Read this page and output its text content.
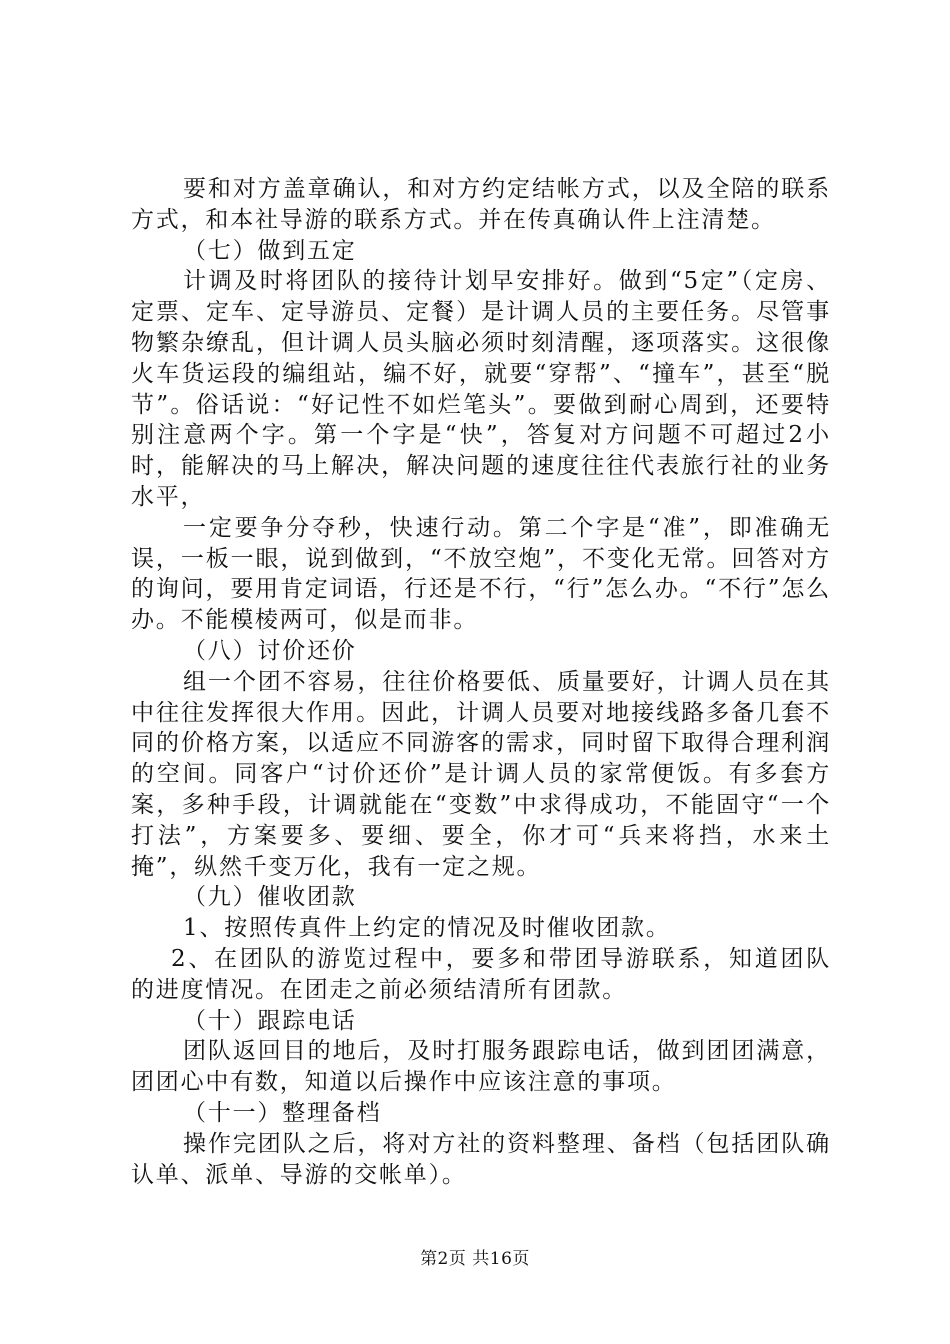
要和对方盖章确认，和对方约定结帐方式，以及全陪的联系方式，和本社导游的联系方式。并在传真确认件上注清楚。

（七）做到五定

计调及时将团队的接待计划早安排好。做到“5定”（定房、定票、定车、定导游员、定餐）是计调人员的主要任务。尽管事物繁杂缭乱，但计调人员头脑必须时刻清醒，逐项落实。这很像火车货运段的编组站，编不好，就要“穿帮”、“撞车”，甚至“脱节”。俗话说：“好记性不如烂笔头”。要做到耐心周到，还要特别注意两个字。第一个字是“快”，答复对方问题不可超过2小时，能解决的马上解决，解决问题的速度往往代表旅行社的业务水平，

一定要争分夺秒，快速行动。第二个字是“准”，即准确无误，一板一眼，说到做到，“不放空炮”，不变化无常。回答对方的询问，要用肯定词语，行还是不行，“行”怎么办。“不行”怎么办。不能模棱两可，似是而非。

（八）讨价还价

组一个团不容易，往往价格要低、质量要好，计调人员在其中往往发挥很大作用。因此，计调人员要对地接线路多备几套不同的价格方案，以适应不同游客的需求，同时留下取得合理利润的空间。同客户“讨价还价”是计调人员的家常便饭。有多套方案，多种手段，计调就能在“变数”中求得成功，不能固守“一个打法”，方案要多、要细、要全，你才可“兵来将挡，水来土掩”，纵然千变万化，我有一定之规。

（九）催收团款

1、按照传真件上约定的情况及时催收团款。

2、在团队的游览过程中，要多和带团导游联系，知道团队的进度情况。在团走之前必须结清所有团款。

（十）跟踪电话

团队返回目的地后，及时打服务跟踪电话，做到团团满意，团团心中有数，知道以后操作中应该注意的事项。

（十一）整理备档

操作完团队之后，将对方社的资料整理、备档（包括团队确认单、派单、导游的交帐单）。

第2页 共16页
